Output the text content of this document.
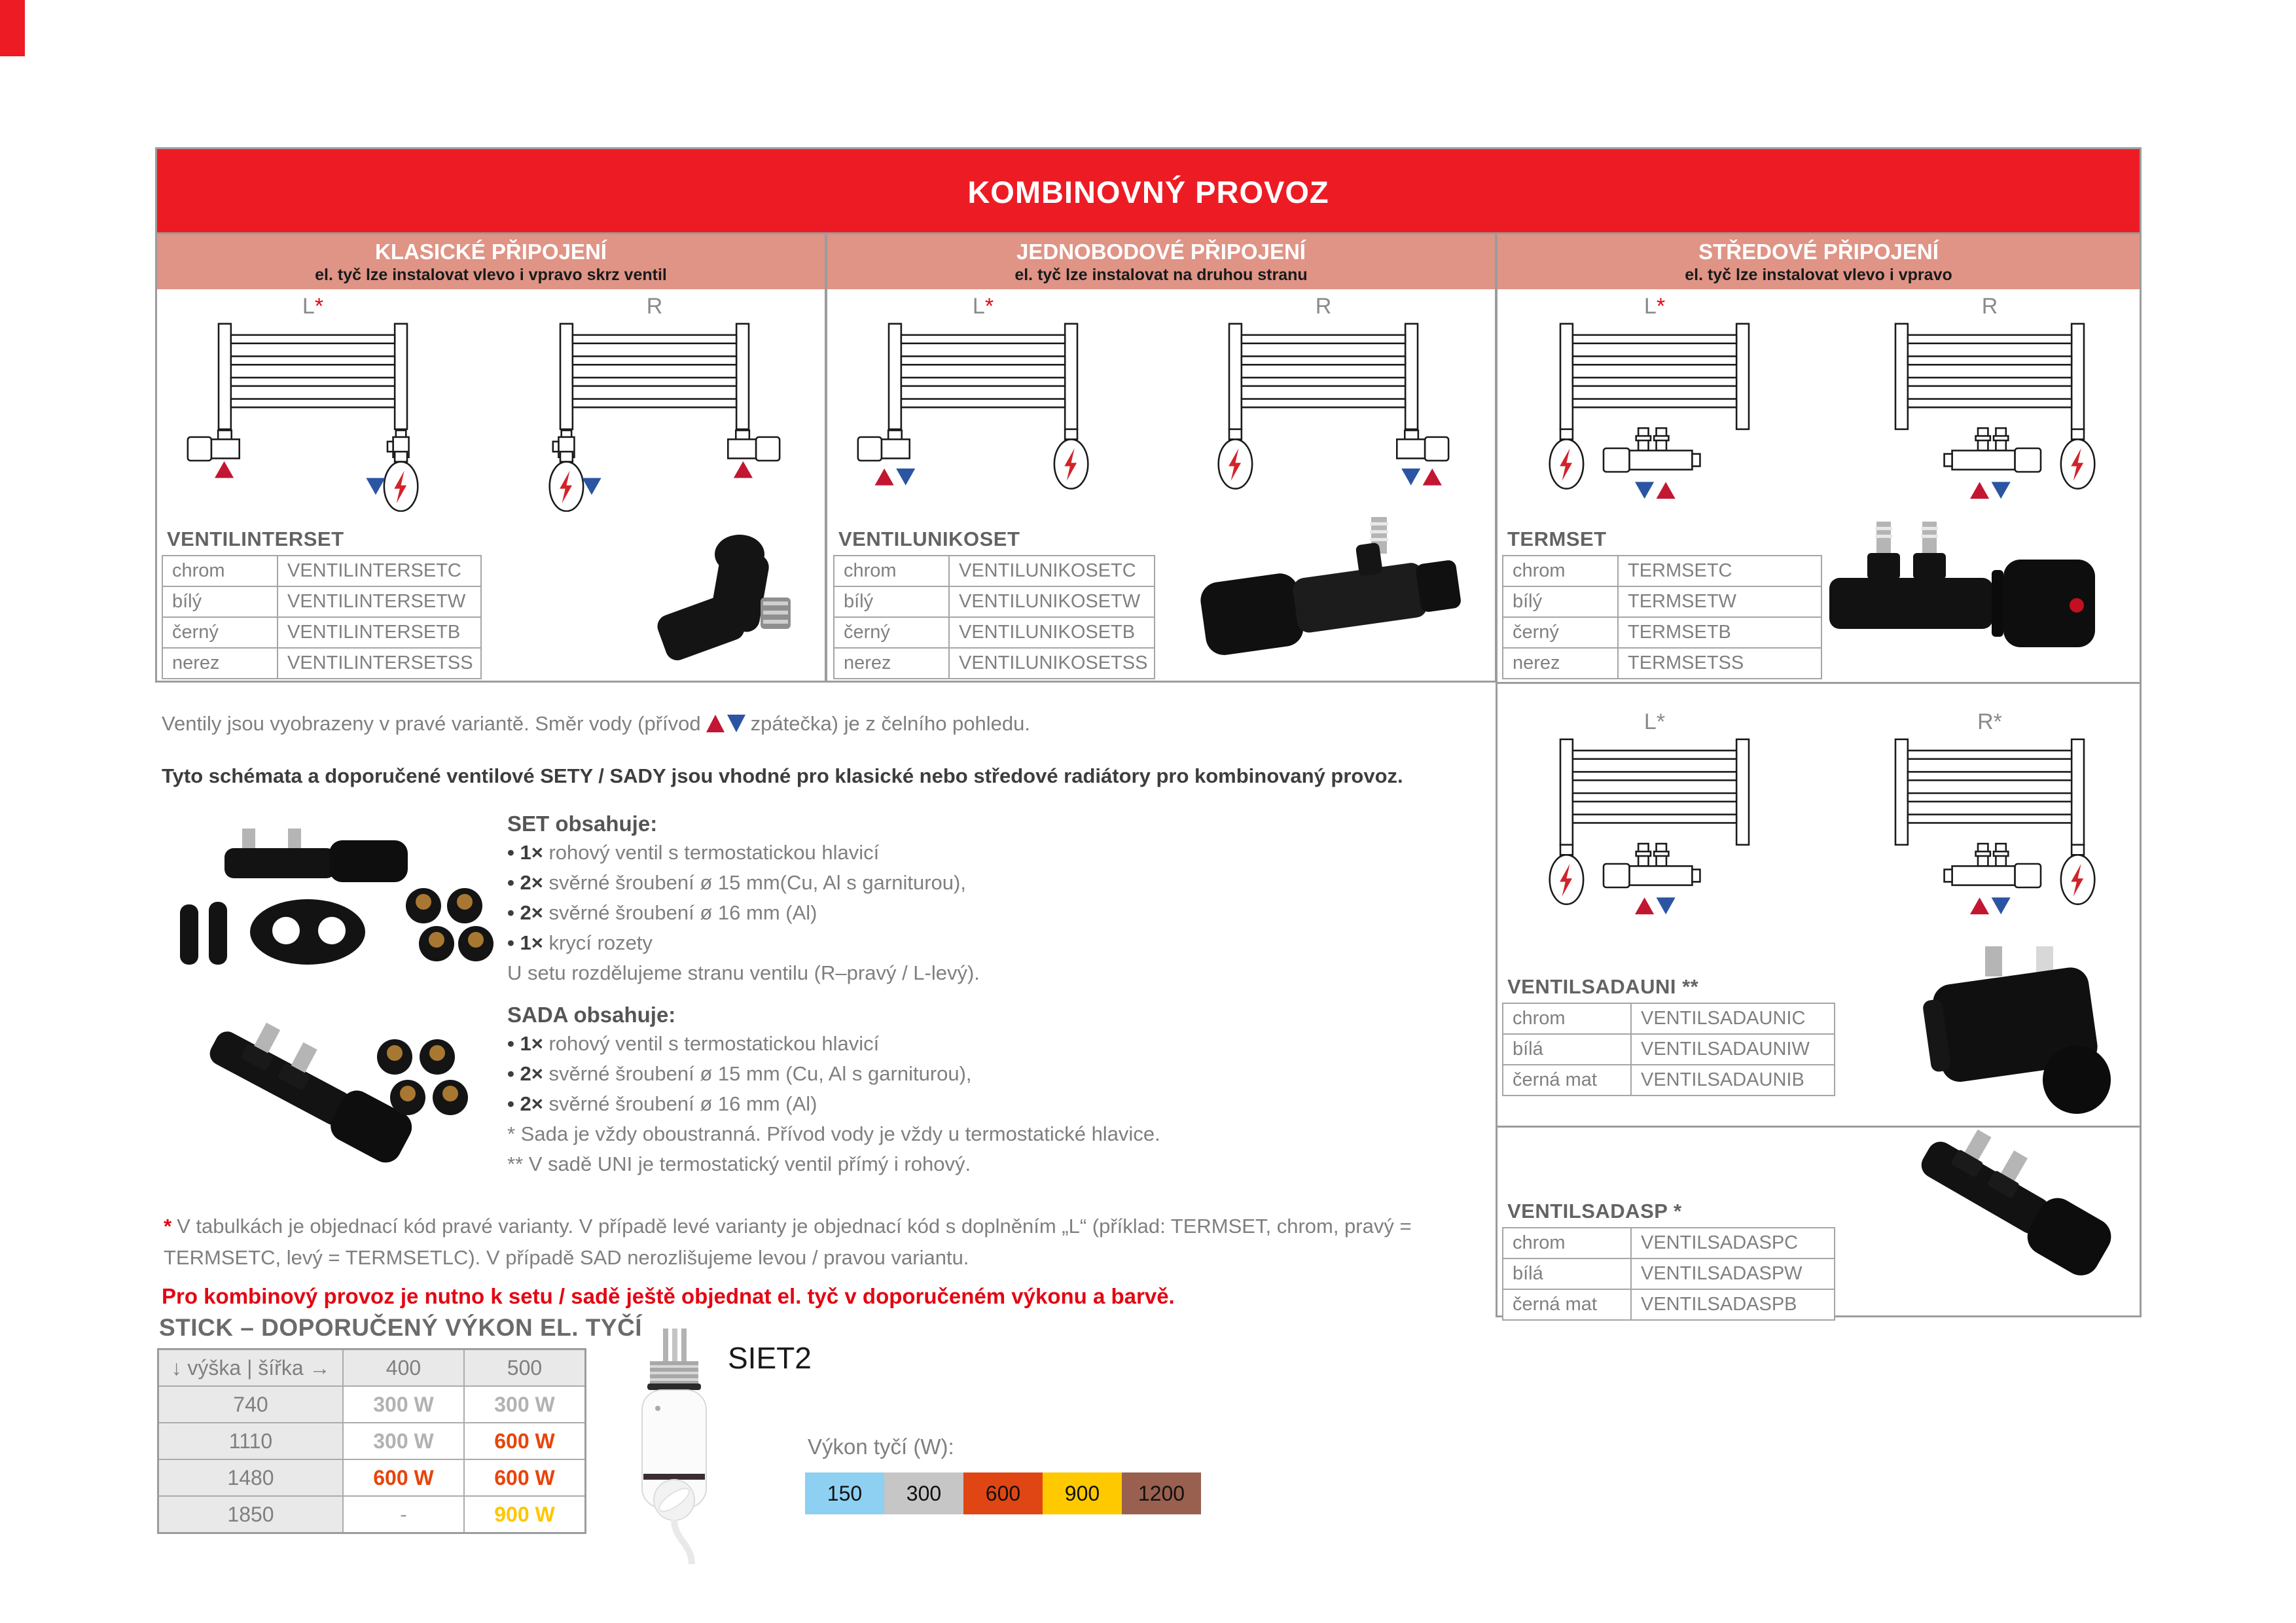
KOMBINOVNÝ PROVOZ
KLASICKÉ PŘIPOJENÍ
el. tyč lze instalovat vlevo i vpravo skrz ventil
JEDNOBODOVÉ PŘIPOJENÍ
el. tyč lze instalovat na druhou stranu
STŘEDOVÉ PŘIPOJENÍ
el. tyč lze instalovat vlevo i vpravo
L*	R	L*	R	L*	R
L*	R*
VENTILINTERSET
chrom	VENTILINTERSETC
bílý	VENTILINTERSETW
černý	VENTILINTERSETB
nerez	VENTILINTERSETSS
VENTILUNIKOSET
chrom	VENTILUNIKOSETC
bílý	VENTILUNIKOSETW
černý	VENTILUNIKOSETB
nerez	VENTILUNIKOSETSS
TERMSET
chrom	TERMSETC
bílý	TERMSETW
černý	TERMSETB
nerez	TERMSETSS
Ventily jsou vyobrazeny v pravé variantě. Směr vody (přívod zpátečka) je z čelního pohledu.
Tyto schémata a doporučené ventilové SETY / SADY jsou vhodné pro klasické nebo středové radiátory pro kombinovaný provoz.
SET obsahuje:
• 1× rohový ventil s termostatickou hlavicí
• 2× svěrné šroubení ø 15 mm(Cu, Al s garniturou),
• 2× svěrné šroubení ø 16 mm (Al)
• 1× krycí rozety
U setu rozdělujeme stranu ventilu (R–pravý / L-levý).
SADA obsahuje:
• 1× rohový ventil s termostatickou hlavicí
• 2× svěrné šroubení ø 15 mm (Cu, Al s garniturou),
• 2× svěrné šroubení ø 16 mm (Al)
* Sada je vždy oboustranná. Přívod vody je vždy u termostatické hlavice.
** V sadě UNI je termostatický ventil přímý i rohový.
* V tabulkách je objednací kód pravé varianty. V případě levé varianty je objednací kód s doplněním „L“ (příklad: TERMSET, chrom, pravý = TERMSETC, levý = TERMSETLC). V případě SAD nerozlišujeme levou / pravou variantu.
Pro kombinový provoz je nutno k setu / sadě ještě objednat el. tyč v doporučeném výkonu a barvě.
STICK – DOPORUČENÝ VÝKON EL. TYČÍ
↓ výška | šířka →	400	500
740	300 W	300 W
1110	300 W	600 W
1480	600 W	600 W
1850	-	900 W
SIET2
Výkon tyčí (W):
150	300	600	900	1200
VENTILSADAUNI **
chrom	VENTILSADAUNIC
bílá	VENTILSADAUNIW
černá mat	VENTILSADAUNIB
VENTILSADASP *
chrom	VENTILSADASPC
bílá	VENTILSADASPW
černá mat	VENTILSADASPB
